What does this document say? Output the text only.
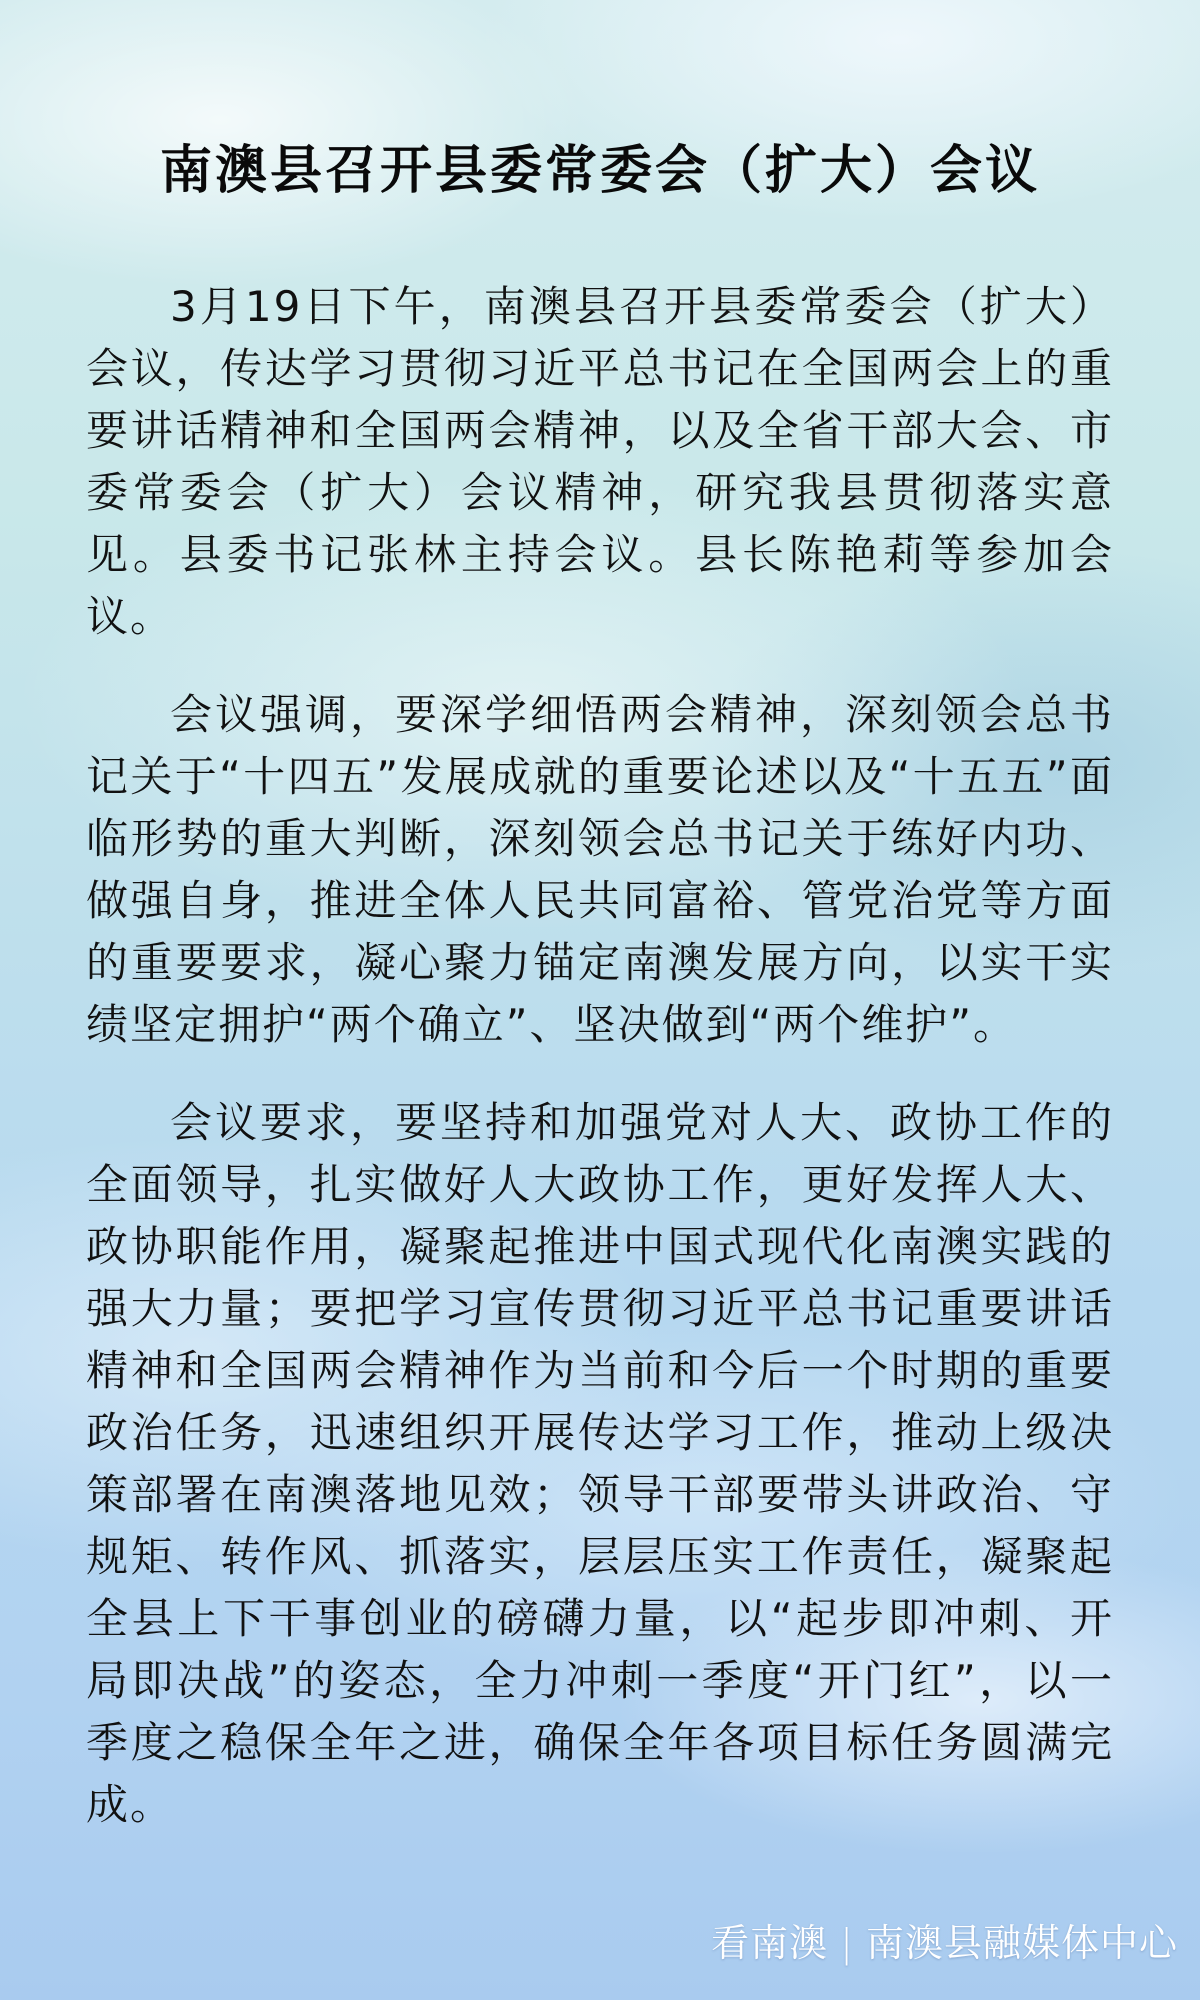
南澳县召开县委常委会（扩大）会议

3月19日下午，南澳县召开县委常委会（扩大）会议，传达学习贯彻习近平总书记在全国两会上的重要讲话精神和全国两会精神，以及全省干部大会、市委常委会（扩大）会议精神，研究我县贯彻落实意见。县委书记张林主持会议。县长陈艳莉等参加会议。

会议强调，要深学细悟两会精神，深刻领会总书记关于“十四五”发展成就的重要论述以及“十五五”面临形势的重大判断，深刻领会总书记关于练好内功、做强自身，推进全体人民共同富裕、管党治党等方面的重要要求，凝心聚力锚定南澳发展方向，以实干实绩坚定拥护“两个确立”、坚决做到“两个维护”。

会议要求，要坚持和加强党对人大、政协工作的全面领导，扎实做好人大政协工作，更好发挥人大、政协职能作用，凝聚起推进中国式现代化南澳实践的强大力量；要把学习宣传贯彻习近平总书记重要讲话精神和全国两会精神作为当前和今后一个时期的重要政治任务，迅速组织开展传达学习工作，推动上级决策部署在南澳落地见效；领导干部要带头讲政治、守规矩、转作风、抓落实，层层压实工作责任，凝聚起全县上下干事创业的磅礴力量，以“起步即冲刺、开局即决战”的姿态，全力冲刺一季度“开门红”，以一季度之稳保全年之进，确保全年各项目标任务圆满完成。

看南澳 | 南澳县融媒体中心
